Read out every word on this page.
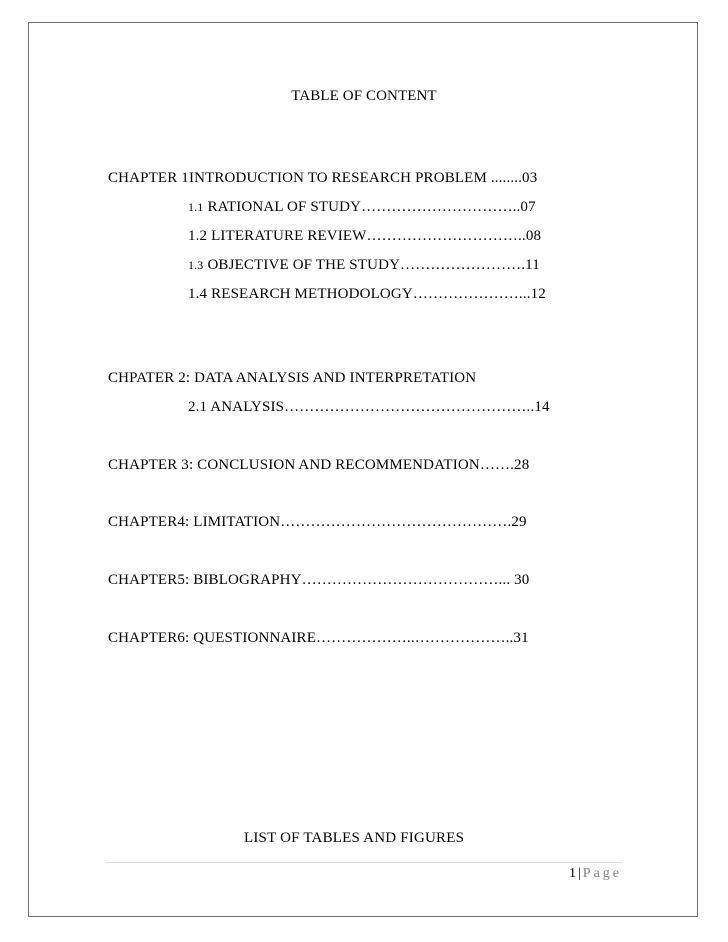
TABLE OF CONTENT
CHAPTER 1INTRODUCTION TO RESEARCH PROBLEM ........03
1.1 RATIONAL OF STUDY…………………………..07
1.2 LITERATURE REVIEW…………………………..08
1.3 OBJECTIVE OF THE STUDY…………………….11
1.4 RESEARCH METHODOLOGY…………………...12
CHPATER 2: DATA ANALYSIS AND INTERPRETATION
2.1 ANALYSIS…………………………………………..14
CHAPTER 3: CONCLUSION AND RECOMMENDATION…….28
CHAPTER4: LIMITATION……………………………………….29
CHAPTER5: BIBLOGRAPHY…………………………………... 30
CHAPTER6: QUESTIONNAIRE………………..………………..31
LIST OF TABLES AND FIGURES
1 | Page
